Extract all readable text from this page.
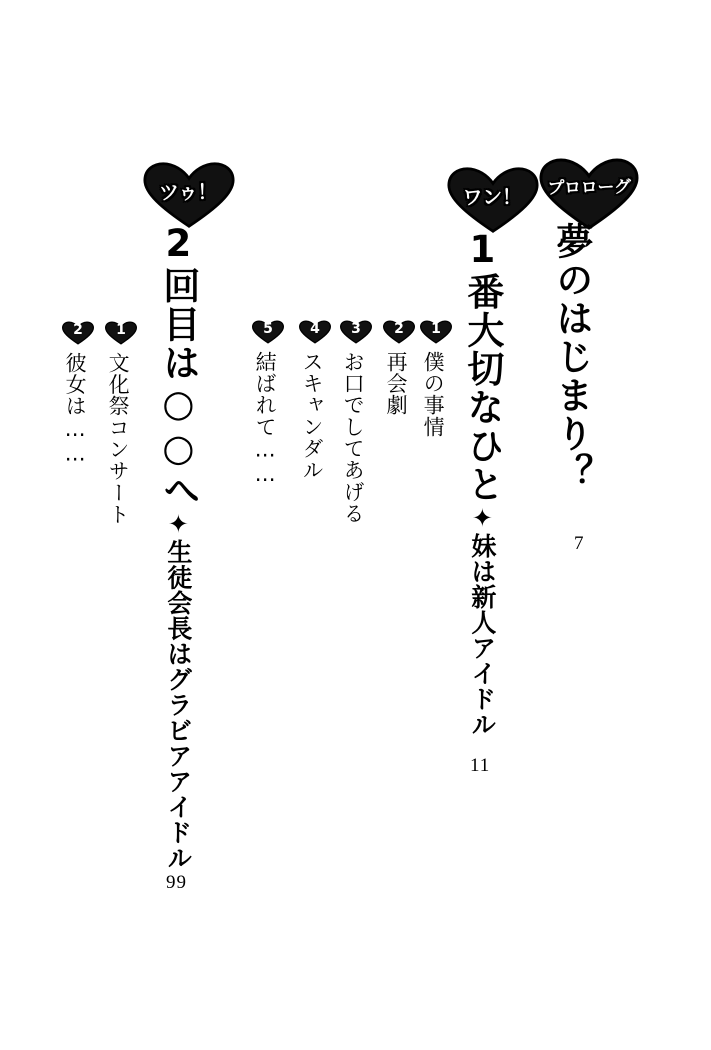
プロローグ
夢のはじまり？
7
ワン！
1番大切なひと✦妹は新人アイドル
11
1
僕の事情
2
再会劇
3
お口でしてあげる
4
スキャンダル
5
結ばれて……
ツゥ！
2回目は○○へ✦生徒会長はグラビアアイドル
99
1
文化祭コンサート
2
彼女は……
